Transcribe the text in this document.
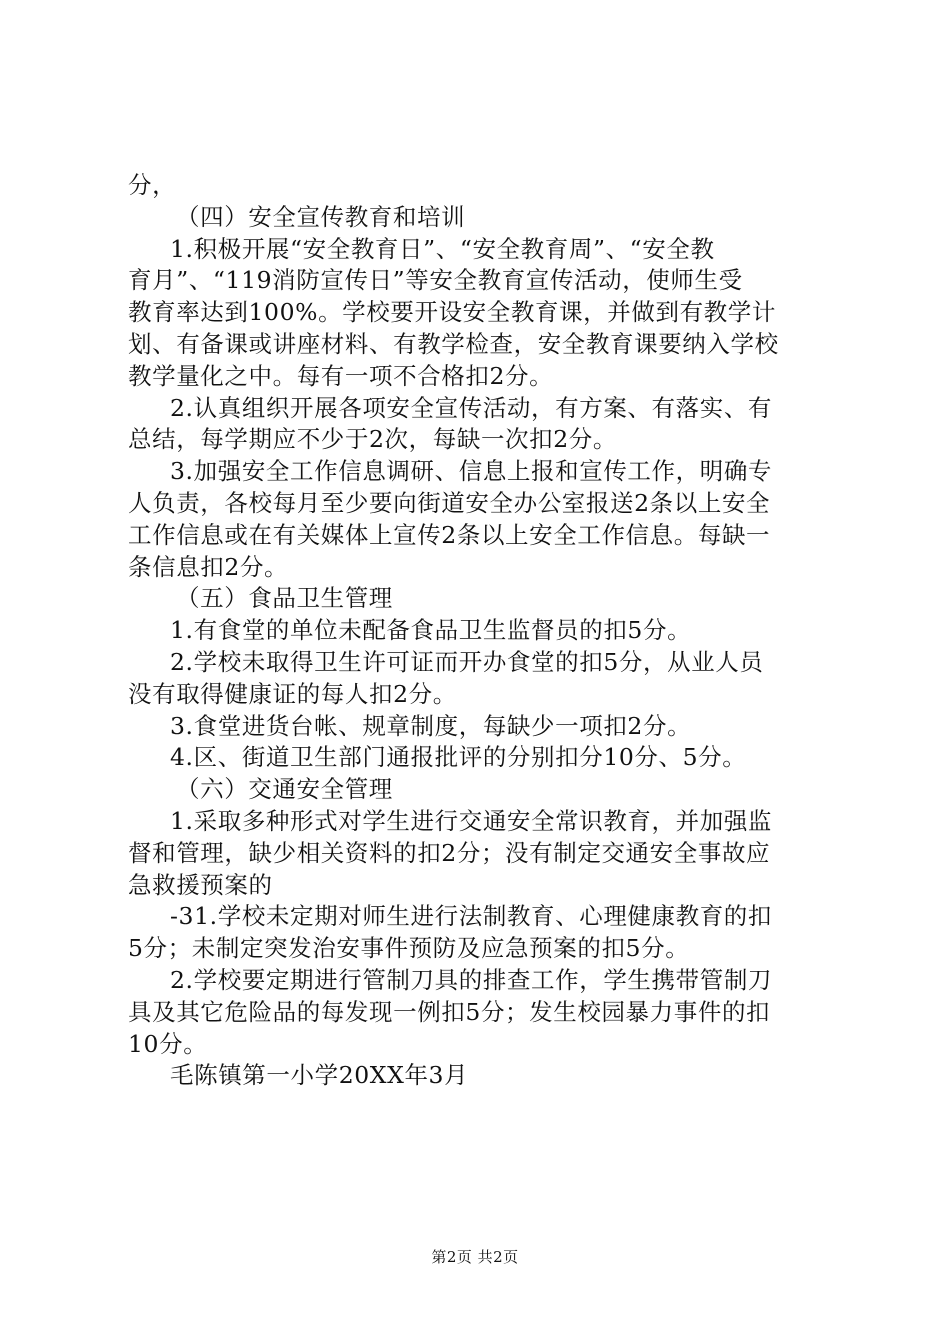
分，
（四）安全宣传教育和培训
1.积极开展“安全教育日”、“安全教育周”、“安全教
育月”、“119消防宣传日”等安全教育宣传活动，使师生受
教育率达到100%。学校要开设安全教育课，并做到有教学计
划、有备课或讲座材料、有教学检查，安全教育课要纳入学校
教学量化之中。每有一项不合格扣2分。
2.认真组织开展各项安全宣传活动，有方案、有落实、有
总结，每学期应不少于2次，每缺一次扣2分。
3.加强安全工作信息调研、信息上报和宣传工作，明确专
人负责，各校每月至少要向街道安全办公室报送2条以上安全
工作信息或在有关媒体上宣传2条以上安全工作信息。每缺一
条信息扣2分。
（五）食品卫生管理
1.有食堂的单位未配备食品卫生监督员的扣5分。
2.学校未取得卫生许可证而开办食堂的扣5分，从业人员
没有取得健康证的每人扣2分。
3.食堂进货台帐、规章制度，每缺少一项扣2分。
4.区、街道卫生部门通报批评的分别扣分10分、5分。
（六）交通安全管理
1.采取多种形式对学生进行交通安全常识教育，并加强监
督和管理，缺少相关资料的扣2分；没有制定交通安全事故应
急救援预案的
-31.学校未定期对师生进行法制教育、心理健康教育的扣
5分；未制定突发治安事件预防及应急预案的扣5分。
2.学校要定期进行管制刀具的排查工作，学生携带管制刀
具及其它危险品的每发现一例扣5分；发生校园暴力事件的扣
10分。
毛陈镇第一小学20XX年3月
第2页 共2页
